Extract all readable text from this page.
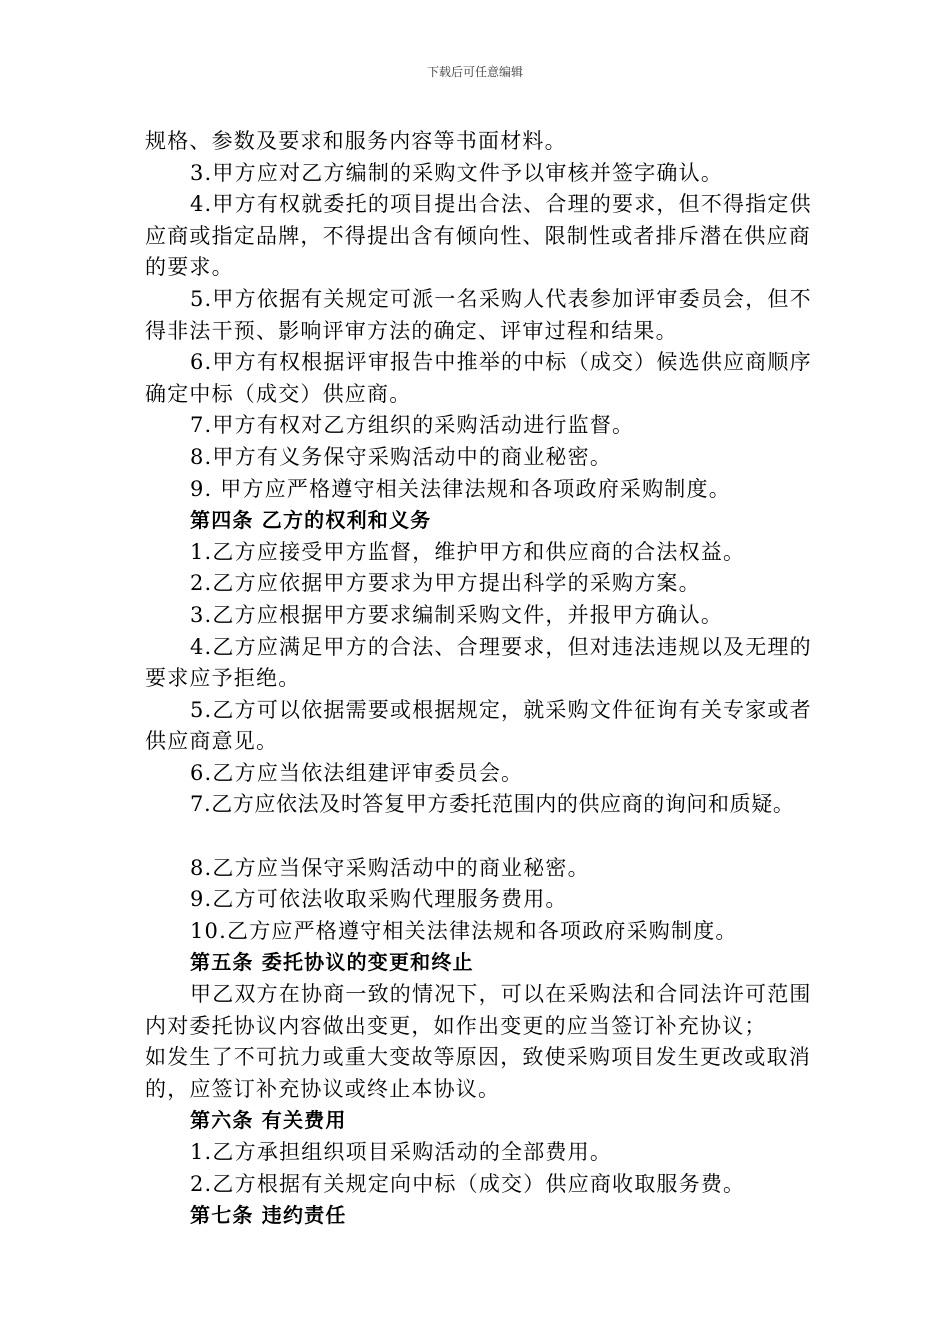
下载后可任意编辑

规格、参数及要求和服务内容等书面材料。

3.甲方应对乙方编制的采购文件予以审核并签字确认。

4.甲方有权就委托的项目提出合法、合理的要求，但不得指定供应商或指定品牌，不得提出含有倾向性、限制性或者排斥潜在供应商的要求。

5.甲方依据有关规定可派一名采购人代表参加评审委员会，但不得非法干预、影响评审方法的确定、评审过程和结果。

6.甲方有权根据评审报告中推举的中标（成交）候选供应商顺序确定中标（成交）供应商。

7.甲方有权对乙方组织的采购活动进行监督。

8.甲方有义务保守采购活动中的商业秘密。

9. 甲方应严格遵守相关法律法规和各项政府采购制度。

第四条 乙方的权利和义务

1.乙方应接受甲方监督，维护甲方和供应商的合法权益。

2.乙方应依据甲方要求为甲方提出科学的采购方案。

3.乙方应根据甲方要求编制采购文件，并报甲方确认。

4.乙方应满足甲方的合法、合理要求，但对违法违规以及无理的要求应予拒绝。

5.乙方可以依据需要或根据规定，就采购文件征询有关专家或者供应商意见。

6.乙方应当依法组建评审委员会。

7.乙方应依法及时答复甲方委托范围内的供应商的询问和质疑。

8.乙方应当保守采购活动中的商业秘密。

9.乙方可依法收取采购代理服务费用。

10.乙方应严格遵守相关法律法规和各项政府采购制度。

第五条 委托协议的变更和终止

甲乙双方在协商一致的情况下，可以在采购法和合同法许可范围内对委托协议内容做出变更，如作出变更的应当签订补充协议；

如发生了不可抗力或重大变故等原因，致使采购项目发生更改或取消的，应签订补充协议或终止本协议。

第六条 有关费用

1.乙方承担组织项目采购活动的全部费用。

2.乙方根据有关规定向中标（成交）供应商收取服务费。

第七条 违约责任
